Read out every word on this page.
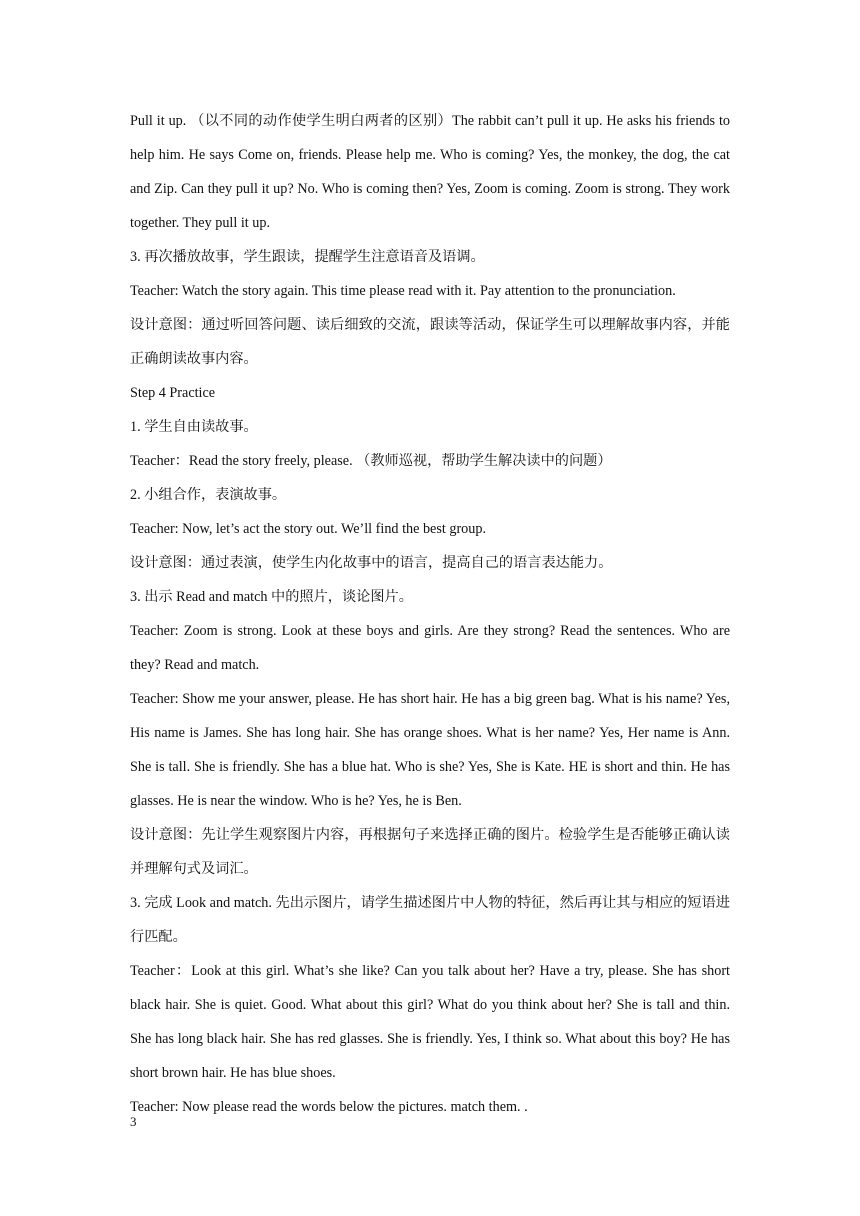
Pull it up. （以不同的动作使学生明白两者的区别）The rabbit can’t pull it up. He asks his friends to help him. He says Come on, friends. Please help me. Who is coming? Yes, the monkey, the dog, the cat and Zip. Can they pull it up? No. Who is coming then? Yes, Zoom is coming. Zoom is strong. They work together. They pull it up.

3. 再次播放故事，学生跟读，提醒学生注意语音及语调。

Teacher: Watch the story again. This time please read with it. Pay attention to the pronunciation.

设计意图：通过听回答问题、读后细致的交流，跟读等活动，保证学生可以理解故事内容，并能正确朗读故事内容。

Step 4 Practice

1. 学生自由读故事。

Teacher：Read the story freely, please. （教师巡视，帮助学生解决读中的问题）

2. 小组合作，表演故事。

Teacher: Now, let’s act the story out. We’ll find the best group.

设计意图：通过表演，使学生内化故事中的语言，提高自己的语言表达能力。

3. 出示 Read and match 中的照片，谈论图片。

Teacher: Zoom is strong. Look at these boys and girls. Are they strong? Read the sentences. Who are they? Read and match.

Teacher: Show me your answer, please. He has short hair. He has a big green bag. What is his name? Yes, His name is James. She has long hair. She has orange shoes. What is her name? Yes, Her name is Ann. She is tall. She is friendly. She has a blue hat. Who is she? Yes, She is Kate. HE is short and thin. He has glasses. He is near the window. Who is he? Yes, he is Ben.

设计意图：先让学生观察图片内容，再根据句子来选择正确的图片。检验学生是否能够正确认读并理解句式及词汇。

3. 完成 Look and match. 先出示图片，请学生描述图片中人物的特征，然后再让其与相应的短语进行匹配。

Teacher：Look at this girl. What’s she like? Can you talk about her? Have a try, please. She has short black hair. She is quiet. Good. What about this girl? What do you think about her? She is tall and thin. She has long black hair. She has red glasses. She is friendly. Yes, I think so. What about this boy? He has short brown hair. He has blue shoes.

Teacher: Now please read the words below the pictures. match them. .

3
